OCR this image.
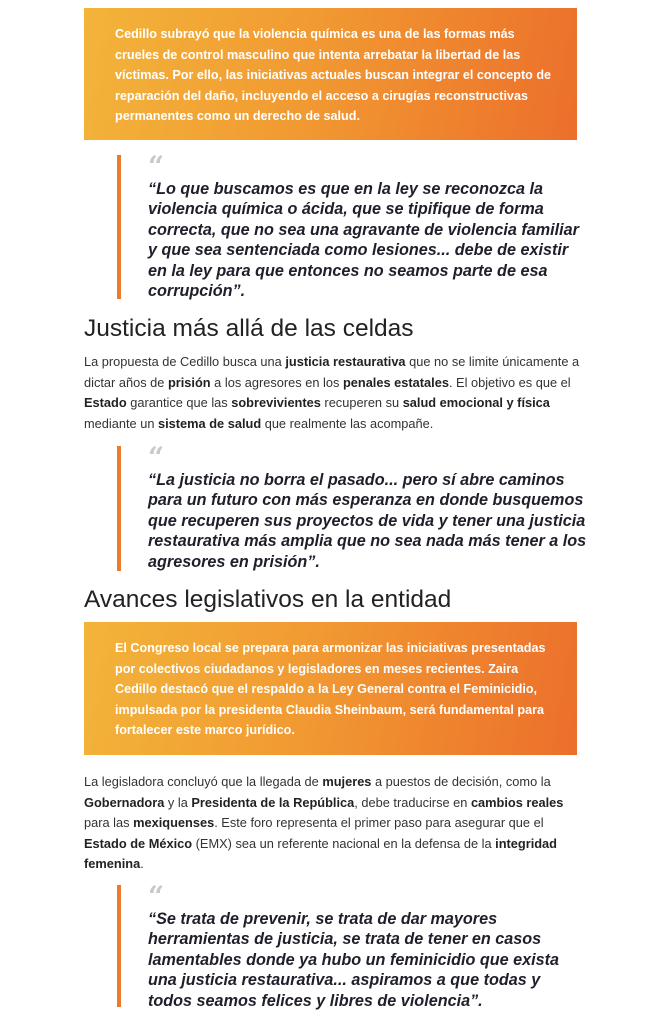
Cedillo subrayó que la violencia química es una de las formas más crueles de control masculino que intenta arrebatar la libertad de las víctimas. Por ello, las iniciativas actuales buscan integrar el concepto de reparación del daño, incluyendo el acceso a cirugías reconstructivas permanentes como un derecho de salud.

“
“Lo que buscamos es que en la ley se reconozca la violencia química o ácida, que se tipifique de forma correcta, que no sea una agravante de violencia familiar y que sea sentenciada como lesiones... debe de existir en la ley para que entonces no seamos parte de esa corrupción”.
Justicia más allá de las celdas

La propuesta de Cedillo busca una justicia restaurativa que no se limite únicamente a dictar años de prisión a los agresores en los penales estatales. El objetivo es que el Estado garantice que las sobrevivientes recuperen su salud emocional y física mediante un sistema de salud que realmente las acompañe.

“
“La justicia no borra el pasado... pero sí abre caminos para un futuro con más esperanza en donde busquemos que recuperen sus proyectos de vida y tener una justicia restaurativa más amplia que no sea nada más tener a los agresores en prisión”.
Avances legislativos en la entidad

El Congreso local se prepara para armonizar las iniciativas presentadas por colectivos ciudadanos y legisladores en meses recientes. Zaira Cedillo destacó que el respaldo a la Ley General contra el Feminicidio, impulsada por la presidenta Claudia Sheinbaum, será fundamental para fortalecer este marco jurídico.

La legisladora concluyó que la llegada de mujeres a puestos de decisión, como la Gobernadora y la Presidenta de la República, debe traducirse en cambios reales para las mexiquenses. Este foro representa el primer paso para asegurar que el Estado de México (EMX) sea un referente nacional en la defensa de la integridad femenina.

“
“Se trata de prevenir, se trata de dar mayores herramientas de justicia, se trata de tener en casos lamentables donde ya hubo un feminicidio que exista una justicia restaurativa... aspiramos a que todas y todos seamos felices y libres de violencia”.
